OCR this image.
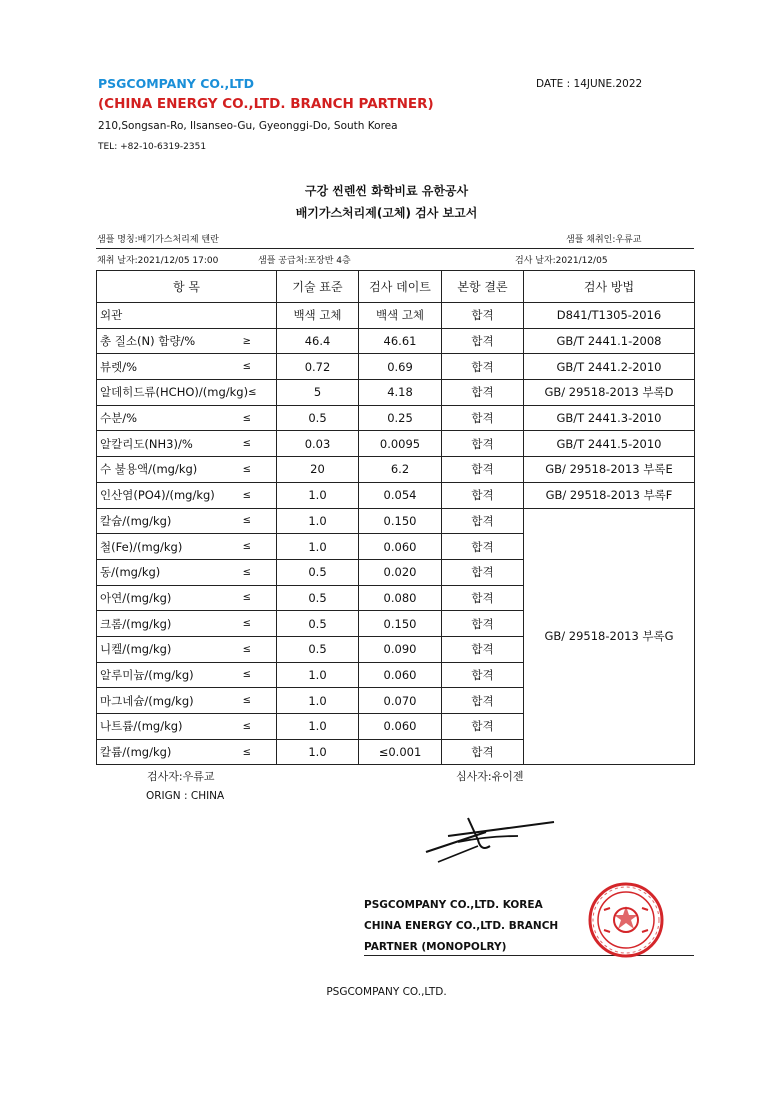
PSGCOMPANY CO.,LTD
(CHINA ENERGY CO.,LTD. BRANCH PARTNER)
210,Songsan-Ro, Ilsanseo-Gu, Gyeonggi-Do, South Korea
TEL: +82-10-6319-2351
DATE : 14JUNE.2022
구강 씬렌씬 화학비료 유한공사
배기가스처리제(고체) 검사 보고서
샘플 명칭:배기가스처리제 텐란	샘플 채취인:우류교
채취 날자:2021/12/05 17:00	샘플 공급처:포장반 4층	검사 날자:2021/12/05
항 목	기술 표준	검사 데이트	본항 결론	검사 방법

외관	백색 고체	백색 고체	합격	D841/T1305-2016

총 질소(N) 함량/% ≥	46.4	46.61	합격	GB/T 2441.1-2008

뷰렛/% ≤	0.72	0.69	합격	GB/T 2441.2-2010

알데히드류(HCHO)/(mg/kg) ≤	5	4.18	합격	GB/ 29518-2013 부록D

수분/% ≤	0.5	0.25	합격	GB/T 2441.3-2010

알칼리도(NH3)/% ≤	0.03	0.0095	합격	GB/T 2441.5-2010

수 불용액/(mg/kg) ≤	20	6.2	합격	GB/ 29518-2013 부록E

인산염(PO4)/(mg/kg) ≤	1.0	0.054	합격	GB/ 29518-2013 부록F

칼슘/(mg/kg) ≤	1.0	0.150	합격	GB/ 29518-2013 부록G

철(Fe)/(mg/kg) ≤	1.0	0.060	합격	

동/(mg/kg) ≤	0.5	0.020	합격	

아연/(mg/kg) ≤	0.5	0.080	합격	

크롬/(mg/kg) ≤	0.5	0.150	합격	

니켈/(mg/kg) ≤	0.5	0.090	합격	

알루미늄/(mg/kg) ≤	1.0	0.060	합격	

마그네슘/(mg/kg) ≤	1.0	0.070	합격	

나트륨/(mg/kg) ≤	1.0	0.060	합격	

칼륨/(mg/kg) ≤	1.0	≤0.001	합격	
검사자:우류교	심사자:유이젠
ORIGN : CHINA
PSGCOMPANY CO.,LTD. KOREA
CHINA ENERGY CO.,LTD. BRANCH
PARTNER (MONOPOLRY)
PSGCOMPANY CO.,LTD.
